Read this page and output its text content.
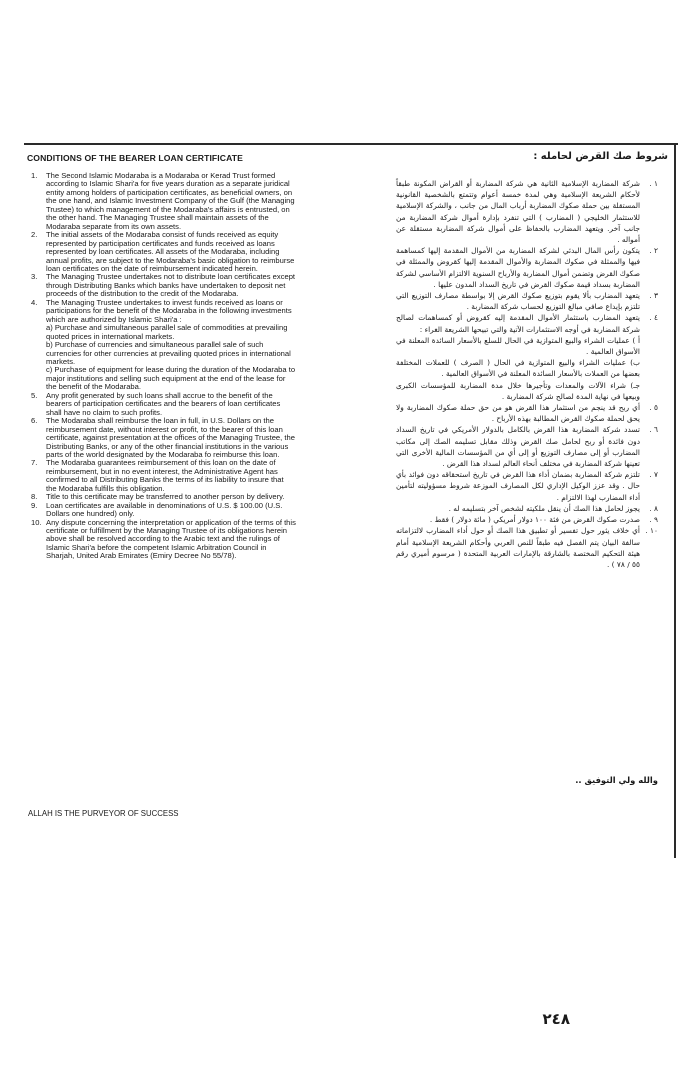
CONDITIONS OF THE BEARER LOAN CERTIFICATE	شروط صك القرض لحامله :
1. The Second Islamic Modaraba is a Modaraba or Kerad Trust formed according to Islamic Shari'a for five years duration as a separate juridical entity among holders of participation certificates, as beneficial owners, on the one hand, and Islamic Investment Company of the Gulf (the Managing Trustee) to which management of the Modaraba's affairs is entrusted, on the other hand. The Managing Trustee shall maintain assets of the Modaraba separate from its own assets.
2. The initial assets of the Modaraba consist of funds received as equity represented by participation certificates and funds received as loans represented by loan certificates. All assets of the Modaraba, including annual profits, are subject to the Modaraba's basic obligation to reimburse loan certificates on the date of reimbursement indicated herein.
3. The Managing Trustee undertakes not to distribute loan certificates except through Distributing Banks which banks have undertaken to deposit net proceeds of the distribution to the credit of the Modaraba.
4. The Managing Trustee undertakes to invest funds received as loans or participations for the benefit of the Modaraba in the following investments which are authorized by Islamic Shari'a :
a) Purchase and simultaneous parallel sale of commodities at prevailing quoted prices in international markets.
b) Purchase of currencies and simultaneous parallel sale of such currencies for other currencies at prevailing quoted prices in international markets.
c) Purchase of equipment for lease during the duration of the Modaraba to major institutions and selling such equipment at the end of the lease for the benefit of the Modaraba.
5. Any profit generated by such loans shall accrue to the benefit of the bearers of participation certificates and the bearers of loan certificates shall have no claim to such profits.
6. The Modaraba shall reimburse the loan in full, in U.S. Dollars on the reimbursement date, without interest or profit, to the bearer of this loan certificate, against presentation at the offices of the Managing Trustee, the Distributing Banks, or any of the other financial institutions in the various parts of the world designated by the Modaraba fo reimburse this loan.
7. The Modaraba guarantees reimbursement of this loan on the date of reimbursement, but in no event interest, the Administrative Agent has confirmed to all Distributing Banks the terms of its liability to insure that the Modaraba fulfills this obligation.
8. Title to this certificate may be transferred to another person by delivery.
9. Loan certificates are available in denominations of U.S. $ 100.00 (U.S. Dollars one hundred) only.
10. Any dispute concerning the interpretation or application of the terms of this certificate or fulfillment by the Managing Trustee of its obligations herein above shall be resolved according to the Arabic text and the rulings of Islamic Shari'a before the competent Islamic Arbitration Council in Sharjah, United Arab Emirates (Emiry Decree No 55/78).
١ .
شركة المضاربة الإسلامية الثانية هي شركة المضاربة أو القراض المكونة طبقاً لأحكام الشريعة الإسلامية وهي لمدة خمسة أعوام وتتمتع بالشخصية القانونية المستقلة بين حملة صكوك المضاربة أرباب المال من جانب ، والشركة الإسلامية للاستثمار الخليجي ( المضارب ) التي تنفرد بإدارة أموال شركة المضاربة من جانب آخر. ويتعهد المضارب بالحفاظ على أموال شركة المضاربة مستقلة عن أمواله .
٢ .
يتكون رأس المال البدئي لشركة المضاربة من الأموال المقدمة إليها كمساهمة فيها والممثلة في صكوك المضاربة والأموال المقدمة إليها كقروض والممثلة في صكوك القرض وتضمن أموال المضاربة والأرباح السنوية الالتزام الأساسي لشركة المضاربة بسداد قيمة صكوك القرض في تاريخ السداد المدون عليها .
٣ .
يتعهد المضارب بألا يقوم بتوزيع صكوك القرض إلا بواسطة مصارف التوزيع التي تلتزم بإيداع صافي مبالغ التوزيع لحساب شركة المضاربة .
٤ .
يتعهد المضارب باستثمار الأموال المقدمة إليه كقروض أو كمساهمات لصالح شركة المضاربة في أوجه الاستثمارات الآتية والتي تبيحها الشريعة الغراء :
أ ) عمليات الشراء والبيع المتوازية في الحال للسلع بالأسعار السائدة المعلنة في الأسواق العالمية .
ب) عمليات الشراء والبيع المتوازية في الحال ( الصرف ) للعملات المختلفة بعضها من العملات بالأسعار السائدة المعلنة في الأسواق العالمية .
جـ) شراء الآلات والمعدات وتأجيرها خلال مدة المضاربة للمؤسسات الكبرى وبيعها في نهاية المدة لصالح شركة المضاربة .
٥ .
أي ربح قد ينجم من استثمار هذا القرض هو من حق حملة صكوك المضاربة ولا يحق لحملة صكوك القرض المطالبة بهذه الأرباح .
٦ .
تسدد شركة المضاربة هذا القرض بالكامل بالدولار الأمريكي في تاريخ السداد دون فائدة أو ربح لحامل صك القرض وذلك مقابل تسليمه الصك إلى مكاتب المضارب أو إلى مصارف التوزيع أو إلى أي من المؤسسات المالية الأخرى التي تعينها شركة المضاربة في مختلف أنحاء العالم لسداد هذا القرض .
٧ .
تلتزم شركة المضاربة بضمان أداء هذا القرض في تاريخ استحقاقه دون فوائد بأي حال . وقد عزز الوكيل الإداري لكل المصارف الموزعة شروط مسؤوليته لتأمين أداء المضارب لهذا الالتزام .
٨ .
يجوز لحامل هذا الصك أن ينقل ملكيته لشخص آخر بتسليمه له .
٩ .
صدرت صكوك القرض من فئة ١٠٠ دولار أمريكي ( مائة دولار ) فقط .
١٠ .
أي خلاف يثور حول تفسير أو تطبيق هذا الصك أو حول أداء المضارب لالتزاماته سالفة البيان يتم الفصل فيه طبقاً للنص العربي وأحكام الشريعة الإسلامية أمام هيئة التحكيم المختصة بالشارقة بالإمارات العربية المتحدة ( مرسوم أميري رقم ٥٥ / ٧٨ ) .
ALLAH IS THE PURVEYOR OF SUCCESS
والله ولي التوفيق ..
٢٤٨
